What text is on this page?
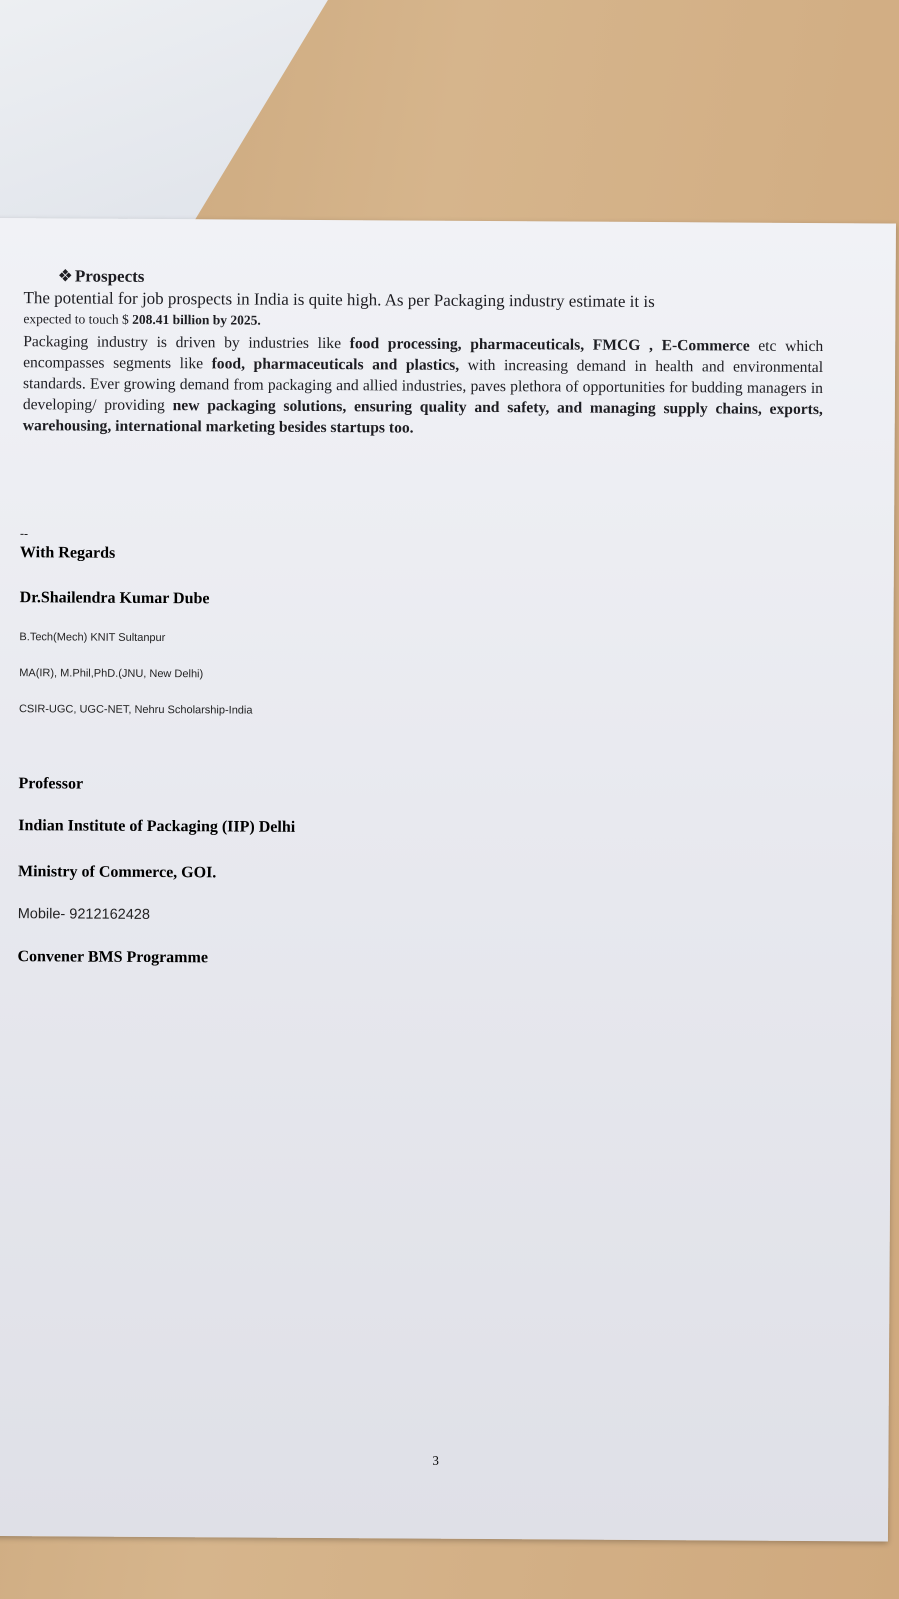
❖ Prospects

The potential for job prospects in India is quite high. As per Packaging industry estimate it is
expected to touch $ 208.41 billion by 2025.

Packaging industry is driven by industries like food processing, pharmaceuticals, FMCG , E-Commerce etc which encompasses segments like food, pharmaceuticals and plastics, with increasing demand in health and environmental standards. Ever growing demand from packaging and allied industries, paves plethora of opportunities for budding managers in developing/ providing new packaging solutions, ensuring quality and safety, and managing supply chains, exports, warehousing, international marketing besides startups too.

--
With Regards
Dr.Shailendra Kumar Dube
B.Tech(Mech) KNIT Sultanpur
MA(IR), M.Phil,PhD.(JNU, New Delhi)
CSIR-UGC, UGC-NET, Nehru Scholarship-India
Professor
Indian Institute of Packaging (IIP) Delhi
Ministry of Commerce, GOI.
Mobile- 9212162428
Convener BMS Programme
3
